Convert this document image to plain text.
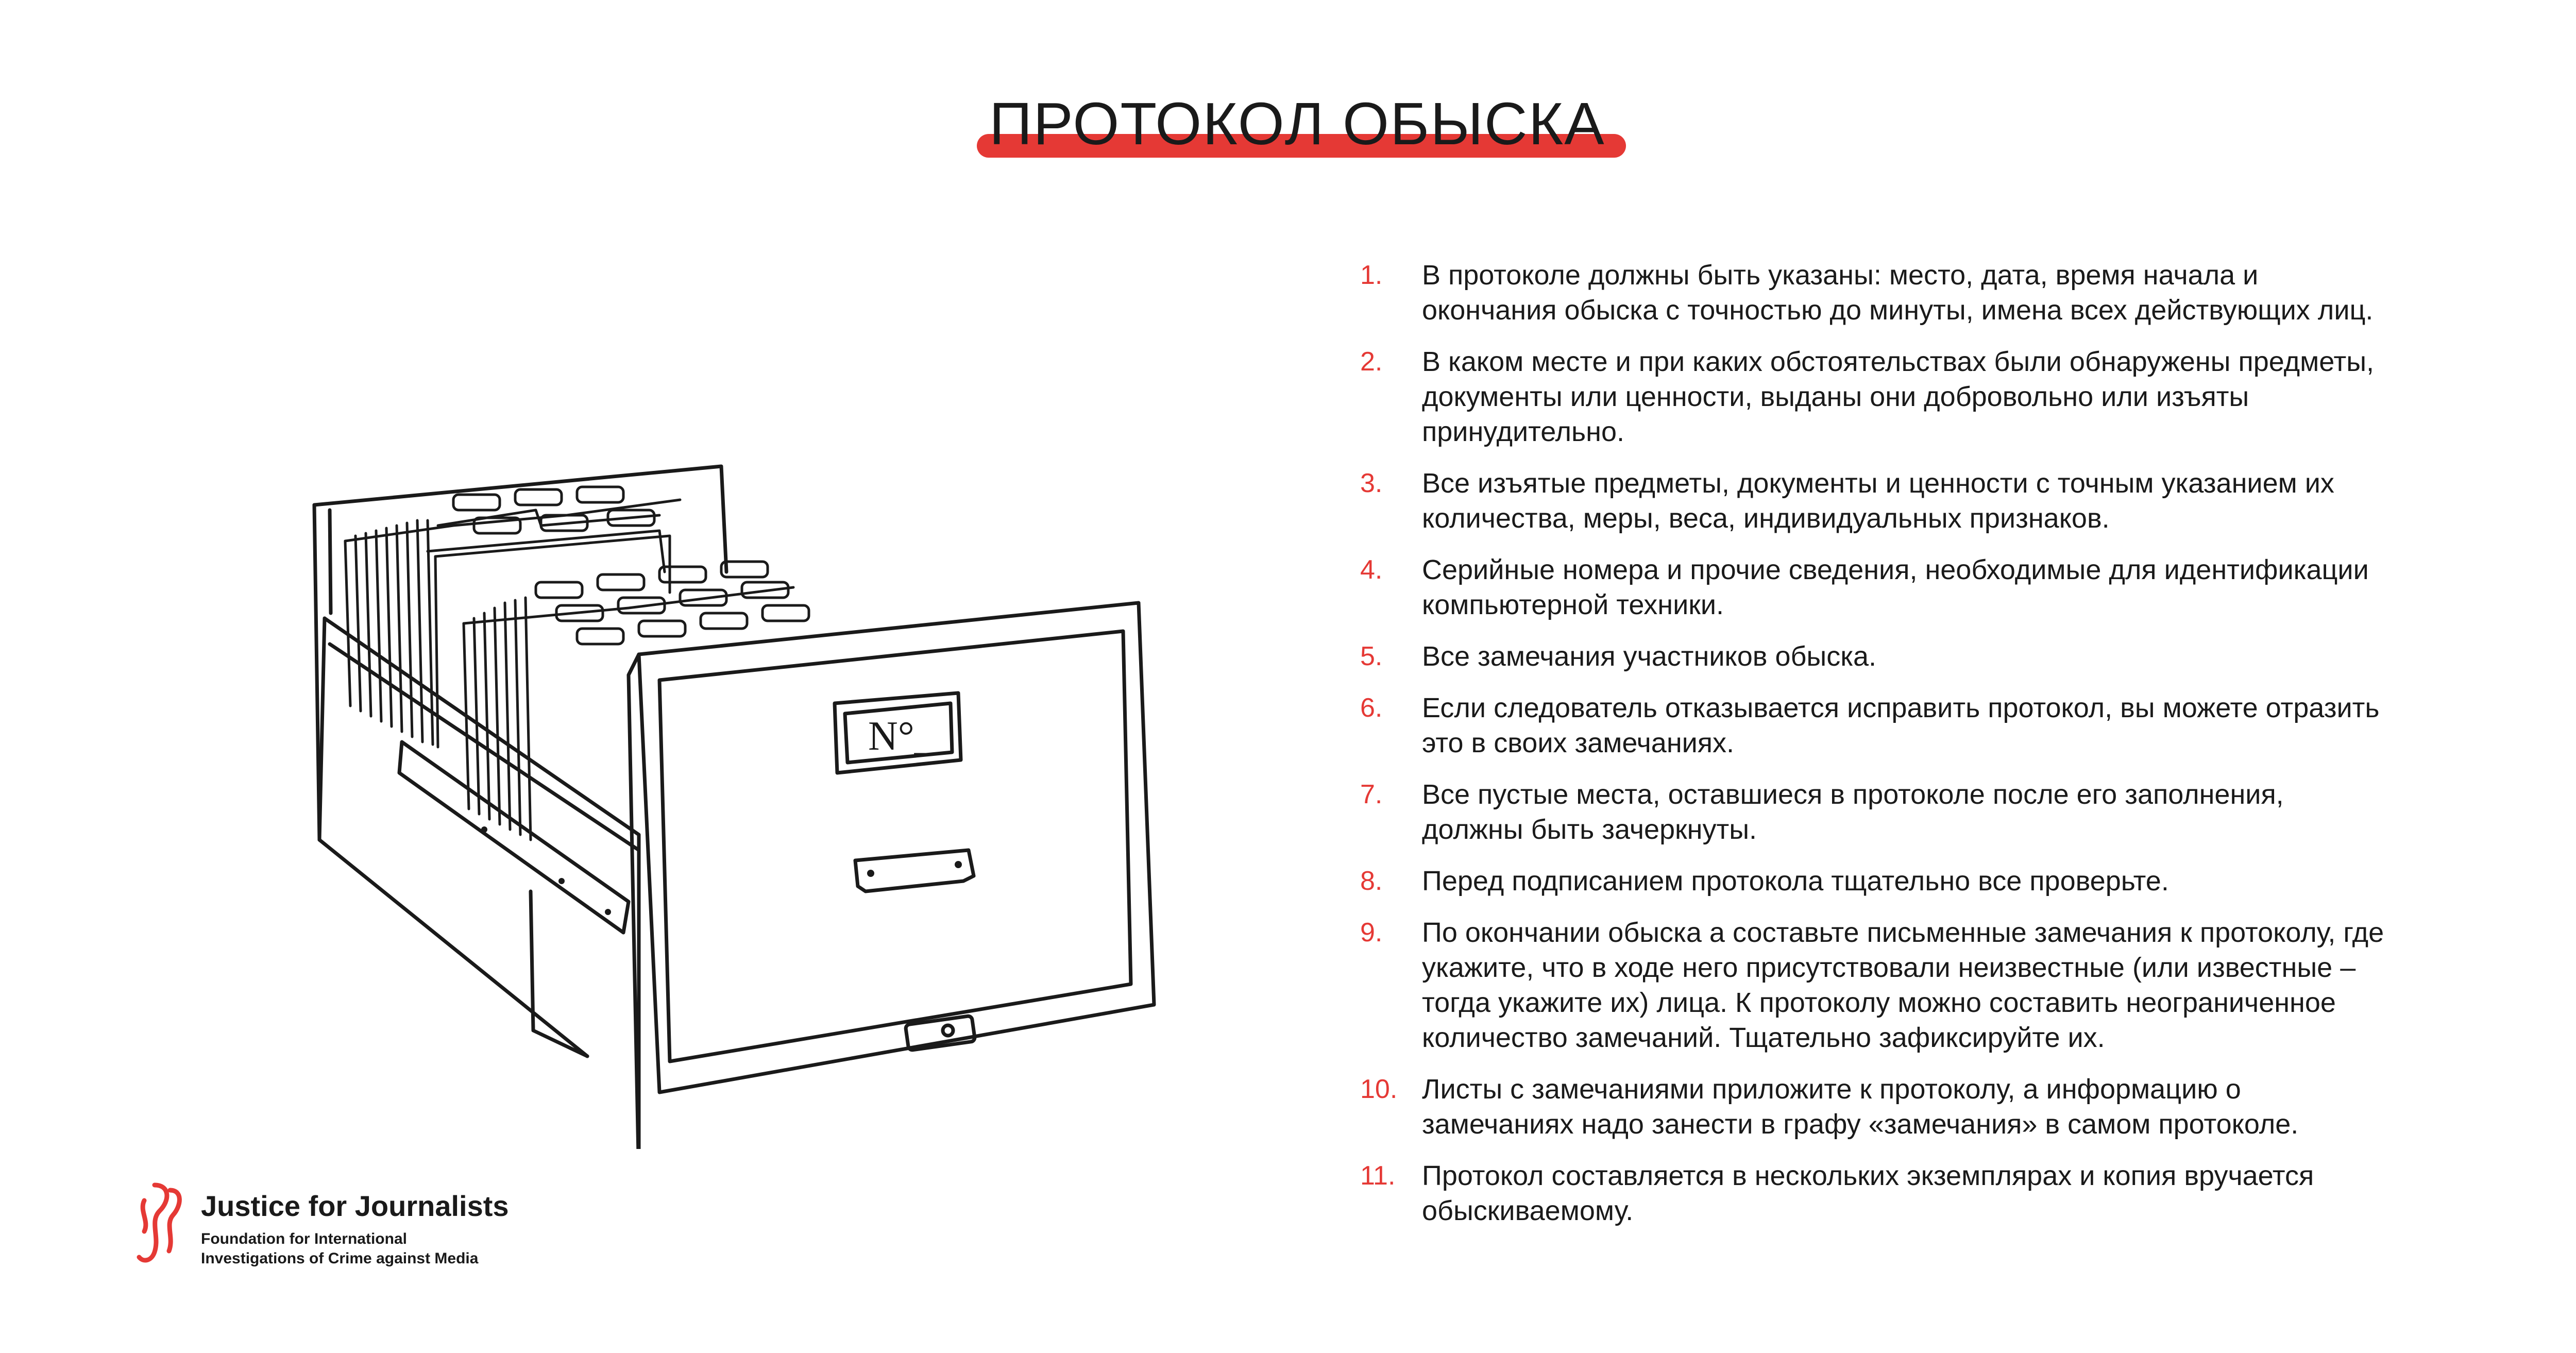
ПРОТОКОЛ ОБЫСКА
N°_
1. В протоколе должны быть указаны: место, дата, время начала и окончания обыска с точностью до минуты, имена всех действующих лиц.
2. В каком месте и при каких обстоятельствах были обнаружены предметы, документы или ценности, выданы они добровольно или изъяты принудительно.
3. Все изъятые предметы, документы и ценности с точным указанием их количества, меры, веса, индивидуальных признаков.
4. Серийные номера и прочие сведения, необходимые для идентификации компьютерной техники.
5. Все замечания участников обыска.
6. Если следователь отказывается исправить протокол, вы можете отразить это в своих замечаниях.
7. Все пустые места, оставшиеся в протоколе после его заполнения, должны быть зачеркнуты.
8. Перед подписанием протокола тщательно все проверьте.
9. По окончании обыска а составьте письменные замечания к протоколу, где укажите, что в ходе него присутствовали неизвестные (или известные – тогда укажите их) лица. К протоколу можно составить неограниченное количество замечаний. Тщательно зафиксируйте их.
10. Листы с замечаниями приложите к протоколу, а информацию о замечаниях надо занести в графу «замечания» в самом протоколе.
11. Протокол составляется в нескольких экземплярах и копия вручается обыскиваемому.
Justice for Journalists
Foundation for International
Investigations of Crime against Media
